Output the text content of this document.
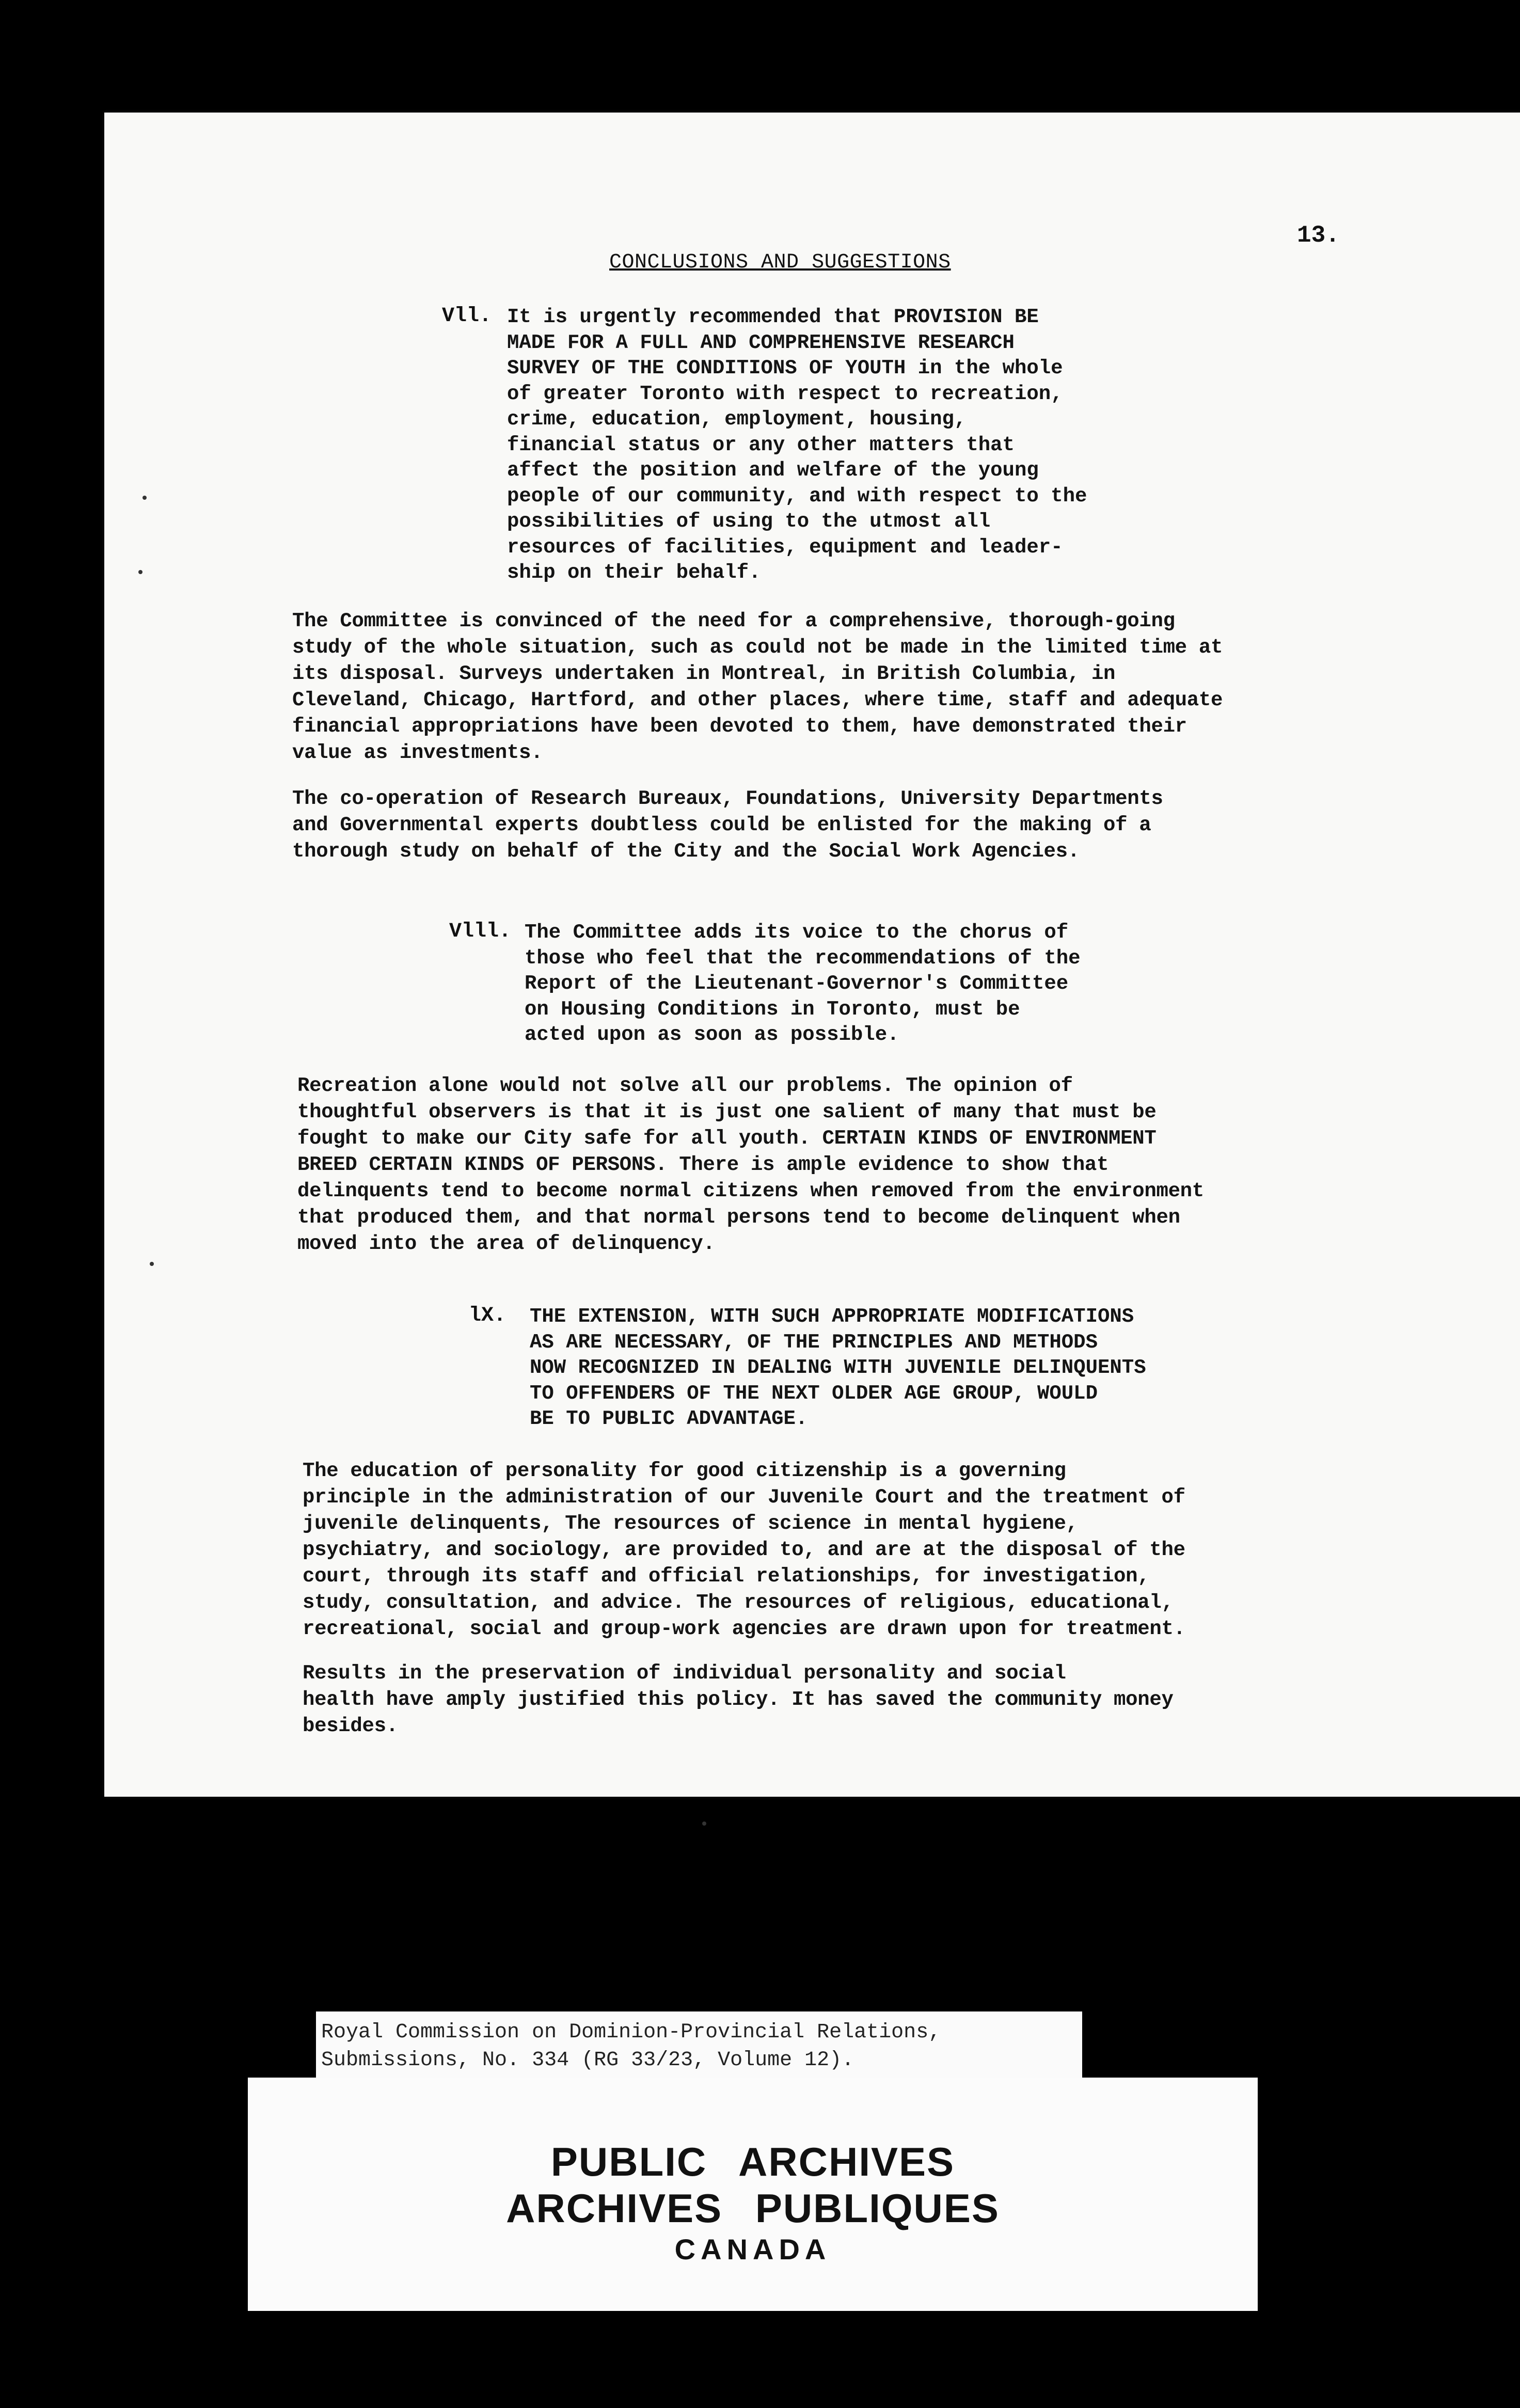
13.
CONCLUSIONS AND SUGGESTIONS
Vll. It is urgently recommended that PROVISION BE
MADE FOR A FULL AND COMPREHENSIVE RESEARCH
SURVEY OF THE CONDITIONS OF YOUTH in the whole
of greater Toronto with respect to recreation,
crime, education, employment, housing,
financial status or any other matters that
affect the position and welfare of the young
people of our community, and with respect to the
possibilities of using to the utmost all
resources of facilities, equipment and leader-
ship on their behalf.
The Committee is convinced of the need for a comprehensive, thorough-going
study of the whole situation, such as could not be made in the limited time at
its disposal. Surveys undertaken in Montreal, in British Columbia, in
Cleveland, Chicago, Hartford, and other places, where time, staff and adequate
financial appropriations have been devoted to them, have demonstrated their
value as investments.
The co-operation of Research Bureaux, Foundations, University Departments
and Governmental experts doubtless could be enlisted for the making of a
thorough study on behalf of the City and the Social Work Agencies.
Vlll. The Committee adds its voice to the chorus of
those who feel that the recommendations of the
Report of the Lieutenant-Governor's Committee
on Housing Conditions in Toronto, must be
acted upon as soon as possible.
Recreation alone would not solve all our problems. The opinion of
thoughtful observers is that it is just one salient of many that must be
fought to make our City safe for all youth. CERTAIN KINDS OF ENVIRONMENT
BREED CERTAIN KINDS OF PERSONS. There is ample evidence to show that
delinquents tend to become normal citizens when removed from the environment
that produced them, and that normal persons tend to become delinquent when
moved into the area of delinquency.
lX. THE EXTENSION, WITH SUCH APPROPRIATE MODIFICATIONS
AS ARE NECESSARY, OF THE PRINCIPLES AND METHODS
NOW RECOGNIZED IN DEALING WITH JUVENILE DELINQUENTS
TO OFFENDERS OF THE NEXT OLDER AGE GROUP, WOULD
BE TO PUBLIC ADVANTAGE.
The education of personality for good citizenship is a governing
principle in the administration of our Juvenile Court and the treatment of
juvenile delinquents, The resources of science in mental hygiene,
psychiatry, and sociology, are provided to, and are at the disposal of the
court, through its staff and official relationships, for investigation,
study, consultation, and advice. The resources of religious, educational,
recreational, social and group-work agencies are drawn upon for treatment.
Results in the preservation of individual personality and social
health have amply justified this policy. It has saved the community money
besides.
Royal Commission on Dominion-Provincial Relations,
Submissions, No. 334 (RG 33/23, Volume 12).
PUBLIC ARCHIVES
ARCHIVES PUBLIQUES
CANADA
